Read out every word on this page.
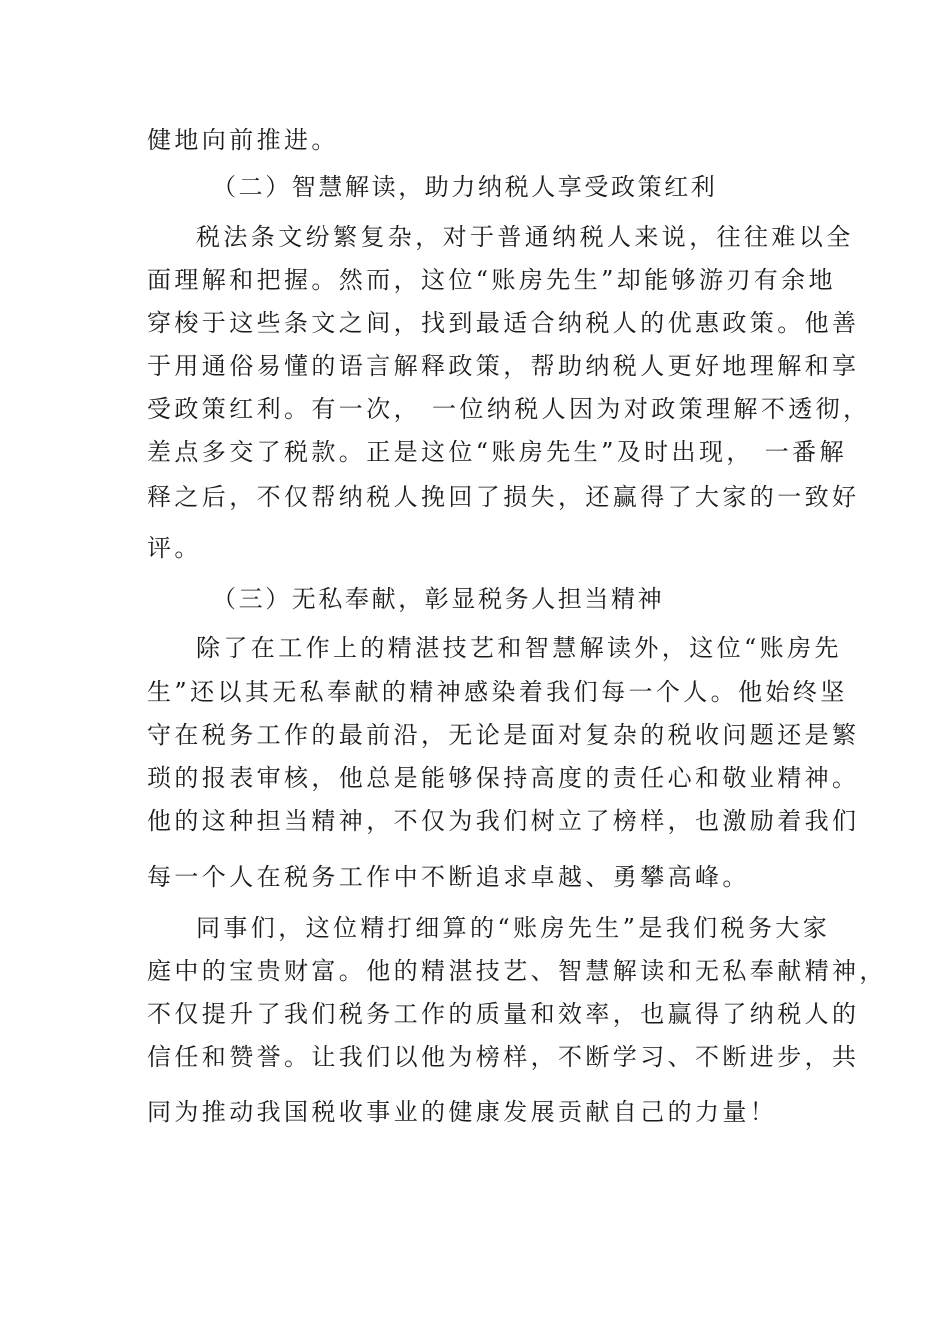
健地向前推进。
（二）智慧解读，助力纳税人享受政策红利
税法条文纷繁复杂，对于普通纳税人来说，往往难以全
面理解和把握。然而，这位“账房先生”却能够游刃有余地
穿梭于这些条文之间，找到最适合纳税人的优惠政策。他善
于用通俗易懂的语言解释政策，帮助纳税人更好地理解和享
受政策红利。有一次， 一位纳税人因为对政策理解不透彻，
差点多交了税款。正是这位“账房先生”及时出现， 一番解
释之后，不仅帮纳税人挽回了损失，还赢得了大家的一致好
评。
（三）无私奉献，彰显税务人担当精神
除了在工作上的精湛技艺和智慧解读外，这位“账房先
生”还以其无私奉献的精神感染着我们每一个人。他始终坚
守在税务工作的最前沿，无论是面对复杂的税收问题还是繁
琐的报表审核，他总是能够保持高度的责任心和敬业精神。
他的这种担当精神，不仅为我们树立了榜样，也激励着我们
每一个人在税务工作中不断追求卓越、勇攀高峰。
同事们，这位精打细算的“账房先生”是我们税务大家
庭中的宝贵财富。他的精湛技艺、智慧解读和无私奉献精神，
不仅提升了我们税务工作的质量和效率，也赢得了纳税人的
信任和赞誉。让我们以他为榜样，不断学习、不断进步，共
同为推动我国税收事业的健康发展贡献自己的力量！
